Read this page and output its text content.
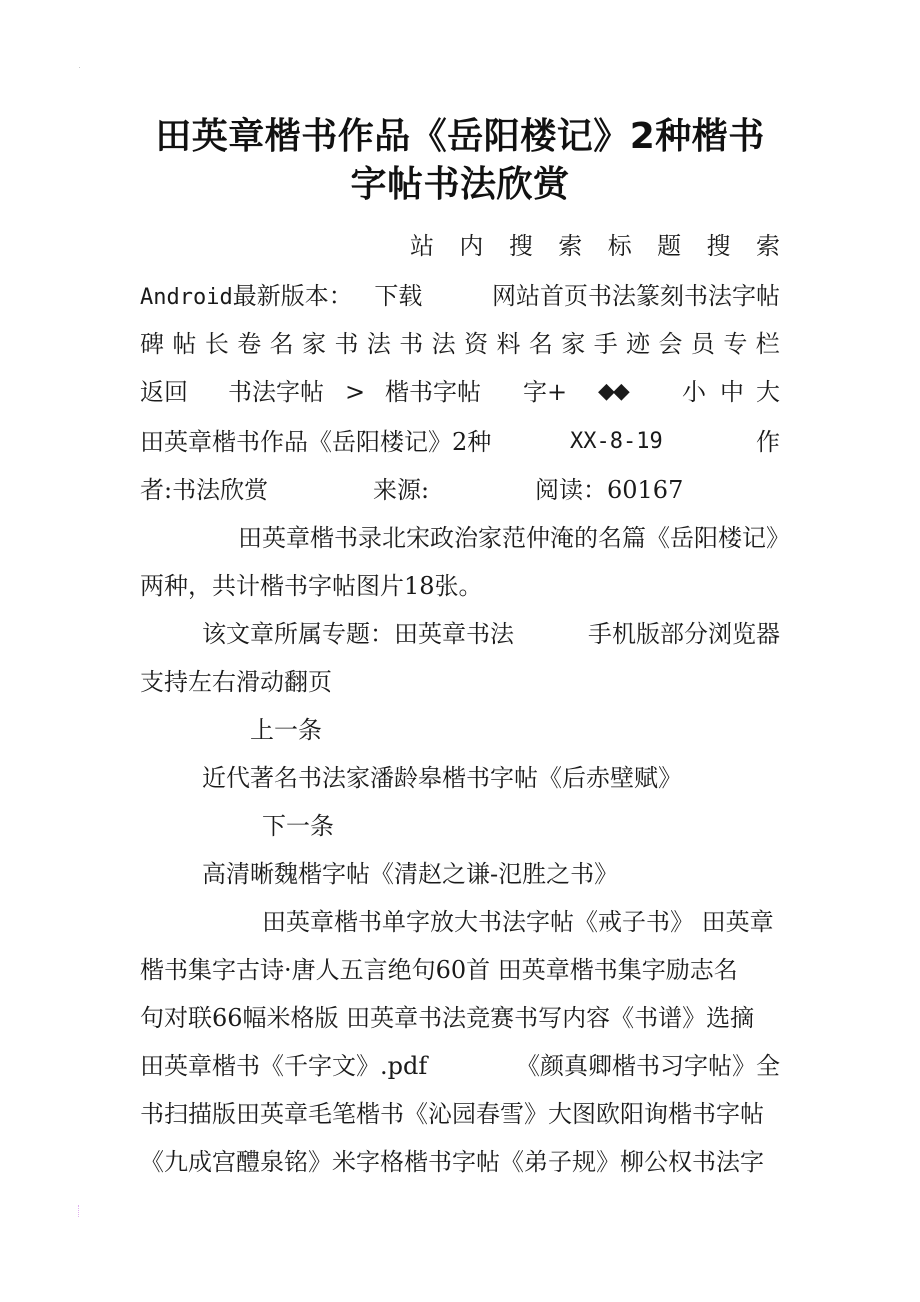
田英章楷书作品《岳阳楼记》2种楷书
字帖书法欣赏
站 内 搜 索 标 题 搜 索
Android最新版本： 下载	网站首页书法篆刻书法字帖
碑 帖 长 卷 名 家 书 法 书 法 资 料 名 家 手 迹 会 员 专 栏
返回 书法字帖 > 楷书字帖 字+ ◆◆ 小 中 大
田英章楷书作品《岳阳楼记》2种	XX-8-19	作
者:书法欣赏	来源:	阅读：60167
田英章楷书录北宋政治家范仲淹的名篇《岳阳楼记》
两种，共计楷书字帖图片18张。
该文章所属专题：田英章书法	手机版部分浏览器
支持左右滑动翻页
上一条
近代著名书法家潘龄皋楷书字帖《后赤壁赋》
下一条
高清晰魏楷字帖《清赵之谦-氾胜之书》
田英章楷书单字放大书法字帖《戒子书》 田英章
楷书集字古诗·唐人五言绝句60首 田英章楷书集字励志名
句对联66幅米格版 田英章书法竞赛书写内容《书谱》选摘
田英章楷书《千字文》.pdf	《颜真卿楷书习字帖》全
书扫描版田英章毛笔楷书《沁园春雪》大图欧阳询楷书字帖
《九成宫醴泉铭》米字格楷书字帖《弟子规》柳公权书法字
